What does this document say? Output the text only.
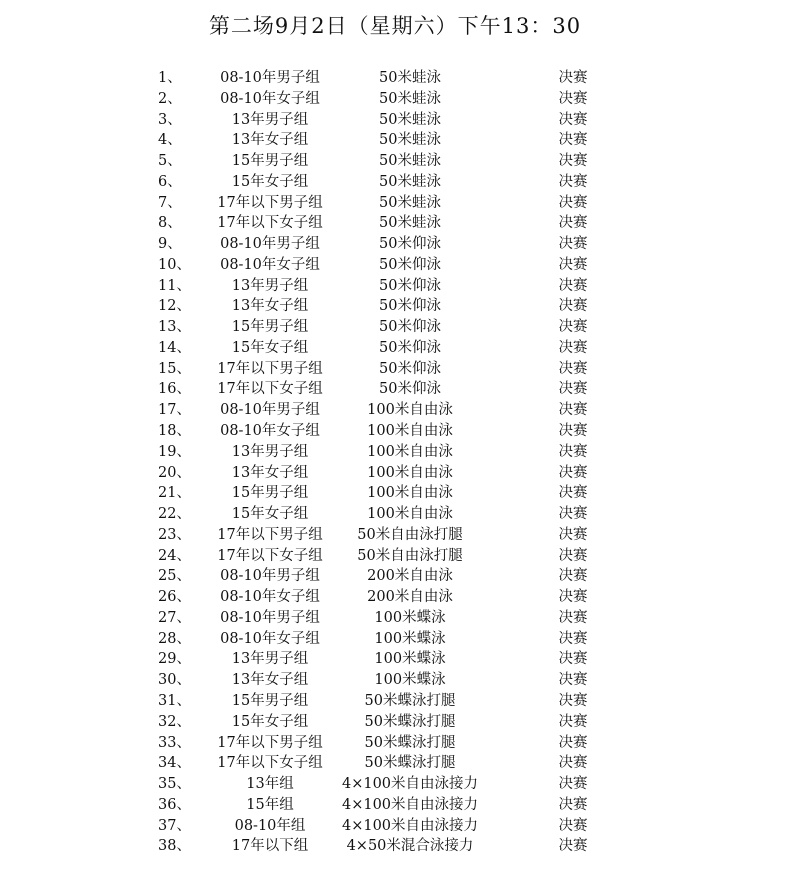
第二场9月2日（星期六）下午13：30
1、	08-10年男子组	50米蛙泳	决赛
2、	08-10年女子组	50米蛙泳	决赛
3、	13年男子组	50米蛙泳	决赛
4、	13年女子组	50米蛙泳	决赛
5、	15年男子组	50米蛙泳	决赛
6、	15年女子组	50米蛙泳	决赛
7、	17年以下男子组	50米蛙泳	决赛
8、	17年以下女子组	50米蛙泳	决赛
9、	08-10年男子组	50米仰泳	决赛
10、	08-10年女子组	50米仰泳	决赛
11、	13年男子组	50米仰泳	决赛
12、	13年女子组	50米仰泳	决赛
13、	15年男子组	50米仰泳	决赛
14、	15年女子组	50米仰泳	决赛
15、	17年以下男子组	50米仰泳	决赛
16、	17年以下女子组	50米仰泳	决赛
17、	08-10年男子组	100米自由泳	决赛
18、	08-10年女子组	100米自由泳	决赛
19、	13年男子组	100米自由泳	决赛
20、	13年女子组	100米自由泳	决赛
21、	15年男子组	100米自由泳	决赛
22、	15年女子组	100米自由泳	决赛
23、	17年以下男子组	50米自由泳打腿	决赛
24、	17年以下女子组	50米自由泳打腿	决赛
25、	08-10年男子组	200米自由泳	决赛
26、	08-10年女子组	200米自由泳	决赛
27、	08-10年男子组	100米蝶泳	决赛
28、	08-10年女子组	100米蝶泳	决赛
29、	13年男子组	100米蝶泳	决赛
30、	13年女子组	100米蝶泳	决赛
31、	15年男子组	50米蝶泳打腿	决赛
32、	15年女子组	50米蝶泳打腿	决赛
33、	17年以下男子组	50米蝶泳打腿	决赛
34、	17年以下女子组	50米蝶泳打腿	决赛
35、	13年组	4×100米自由泳接力	决赛
36、	15年组	4×100米自由泳接力	决赛
37、	08-10年组	4×100米自由泳接力	决赛
38、	17年以下组	4×50米混合泳接力	决赛
